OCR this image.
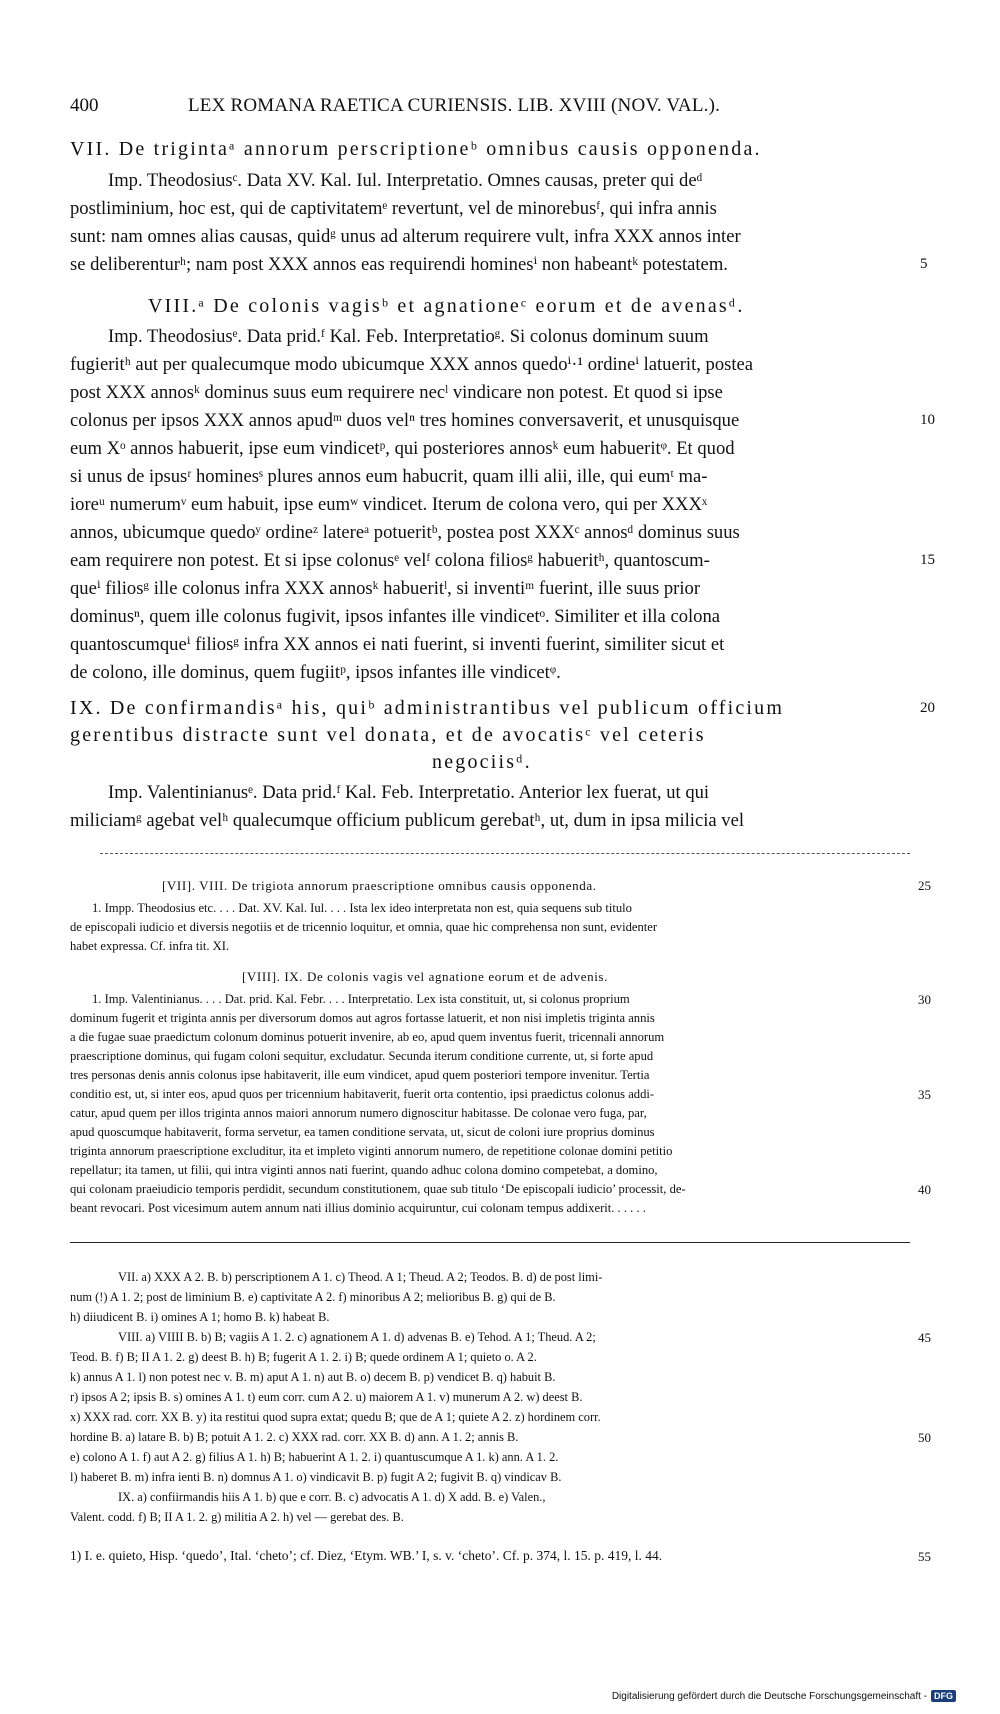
400	LEX ROMANA RAETICA CURIENSIS. LIB. XVIII (NOV. VAL.).
VII. De trigintaᵃ annorum perscriptioneᵇ omnibus causis opponenda.
Imp. Theodosiusᶜ. Data XV. Kal. Iul. Interpretatio. Omnes causas, preter qui deᵈ
postliminium, hoc est, qui de captivitatemᵉ revertunt, vel de minorebusᶠ, qui infra annis
sunt: nam omnes alias causas, quidᵍ unus ad alterum requirere vult, infra XXX annos inter
se deliberenturʰ; nam post XXX annos eas requirendi hominesⁱ non habeantᵏ potestatem.	5
VIII.ᵃ De colonis vagisᵇ et agnationeᶜ eorum et de avenasᵈ.
Imp. Theodosiusᵉ. Data prid.ᶠ Kal. Feb. Interpretatioᵍ. Si colonus dominum suum
fugieritʰ aut per qualecumque modo ubicumque XXX annos quedoⁱ·¹ ordineⁱ latuerit, postea
post XXX annosᵏ dominus suus eum requirere necˡ vindicare non potest. Et quod si ipse
colonus per ipsos XXX annos apudᵐ duos velⁿ tres homines conversaverit, et unusquisque	10
eum Xᵒ annos habuerit, ipse eum vindicetᵖ, qui posteriores annosᵏ eum habueritᵠ. Et quod
si unus de ipsusʳ hominesˢ plures annos eum habucrit, quam illi alii, ille, qui eumᵗ ma-
ioreᵘ numerumᵛ eum habuit, ipse eumʷ vindicet. Iterum de colona vero, qui per XXXˣ
annos, ubicumque quedoʸ ordineᶻ latereᵃ potueritᵇ, postea post XXXᶜ annosᵈ dominus suus
eam requirere non potest. Et si ipse colonusᵉ velᶠ colona filiosᵍ habueritʰ, quantoscum-	15
queⁱ filiosᵍ ille colonus infra XXX annosᵏ habueritˡ, si inventiᵐ fuerint, ille suus prior
dominusⁿ, quem ille colonus fugivit, ipsos infantes ille vindicetᵒ. Similiter et illa colona
quantoscumqueⁱ filiosᵍ infra XX annos ei nati fuerint, si inventi fuerint, similiter sicut et
de colono, ille dominus, quem fugiitᵖ, ipsos infantes ille vindicetᵠ.
IX. De confirmandisᵃ his, quiᵇ administrantibus vel publicum officium	20
gerentibus distracte sunt vel donata, et de avocatisᶜ vel ceteris
negociisᵈ.
Imp. Valentinianusᵉ. Data prid.ᶠ Kal. Feb. Interpretatio. Anterior lex fuerat, ut qui
miliciamᵍ agebat velʰ qualecumque officium publicum gerebatʰ, ut, dum in ipsa milicia vel
[VII]. VIII. De trigiota annorum praescriptione omnibus causis opponenda.	25
1. Impp. Theodosius etc. . . . Dat. XV. Kal. Iul. . . . Ista lex ideo interpretata non est, quia sequens sub titulo
de episcopali iudicio et diversis negotiis et de tricennio loquitur, et omnia, quae hic comprehensa non sunt, evidenter
habet expressa. Cf. infra tit. XI.
[VIII]. IX. De colonis vagis vel agnatione eorum et de advenis.
1. Imp. Valentinianus. . . . Dat. prid. Kal. Febr. . . . Interpretatio. Lex ista constituit, ut, si colonus proprium	30
dominum fugerit et triginta annis per diversorum domos aut agros fortasse latuerit, et non nisi impletis triginta annis
a die fugae suae praedictum colonum dominus potuerit invenire, ab eo, apud quem inventus fuerit, tricennali annorum
praescriptione dominus, qui fugam coloni sequitur, excludatur. Secunda iterum conditione currente, ut, si forte apud
tres personas denis annis colonus ipse habitaverit, ille eum vindicet, apud quem posteriori tempore invenitur. Tertia
conditio est, ut, si inter eos, apud quos per tricennium habitaverit, fuerit orta contentio, ipsi praedictus colonus addi-	35
catur, apud quem per illos triginta annos maiori annorum numero dignoscitur habitasse. De colonae vero fuga, par,
apud quoscumque habitaverit, forma servetur, ea tamen conditione servata, ut, sicut de coloni iure proprius dominus
triginta annorum praescriptione excluditur, ita et impleto viginti annorum numero, de repetitione colonae domini petitio
repellatur; ita tamen, ut filii, qui intra viginti annos nati fuerint, quando adhuc colona domino competebat, a domino,
qui colonam praeiudicio temporis perdidit, secundum constitutionem, quae sub titulo ‘De episcopali iudicio’ processit, de-	40
beant revocari. Post vicesimum autem annum nati illius dominio acquiruntur, cui colonam tempus addixerit. . . . . .
VII. a) XXX A 2. B. b) perscriptionem A 1. c) Theod. A 1; Theud. A 2; Teodos. B. d) de post limi-
num (!) A 1. 2; post de liminium B. e) captivitate A 2. f) minoribus A 2; melioribus B. g) qui de B.
h) diiudicent B. i) omines A 1; homo B. k) habeat B.
VIII. a) VIIII B. b) B; vagiis A 1. 2. c) agnationem A 1. d) advenas B. e) Tehod. A 1; Theud. A 2;	45
Teod. B. f) B; II A 1. 2. g) deest B. h) B; fugerit A 1. 2. i) B; quede ordinem A 1; quieto o. A 2.
k) annus A 1. l) non potest nec v. B. m) aput A 1. n) aut B. o) decem B. p) vendicet B. q) habuit B.
r) ipsos A 2; ipsis B. s) omines A 1. t) eum corr. cum A 2. u) maiorem A 1. v) munerum A 2. w) deest B.
x) XXX rad. corr. XX B. y) ita restitui quod supra extat; quedu B; que de A 1; quiete A 2. z) hordinem corr.
hordine B. a) latare B. b) B; potuit A 1. 2. c) XXX rad. corr. XX B. d) ann. A 1. 2; annis B.	50
e) colono A 1. f) aut A 2. g) filius A 1. h) B; habuerint A 1. 2. i) quantuscumque A 1. k) ann. A 1. 2.
l) haberet B. m) infra ienti B. n) domnus A 1. o) vindicavit B. p) fugit A 2; fugivit B. q) vindicav B.
IX. a) confiirmandis hiis A 1. b) que e corr. B. c) advocatis A 1. d) X add. B. e) Valen.,
Valent. codd. f) B; II A 1. 2. g) militia A 2. h) vel — gerebat des. B.
1) I. e. quieto, Hisp. ‘quedo’, Ital. ‘cheto’; cf. Diez, ‘Etym. WB.’ I, s. v. ‘cheto’. Cf. p. 374, l. 15. p. 419, l. 44.	55
Digitalisierung gefördert durch die Deutsche Forschungsgemeinschaft - DFG
